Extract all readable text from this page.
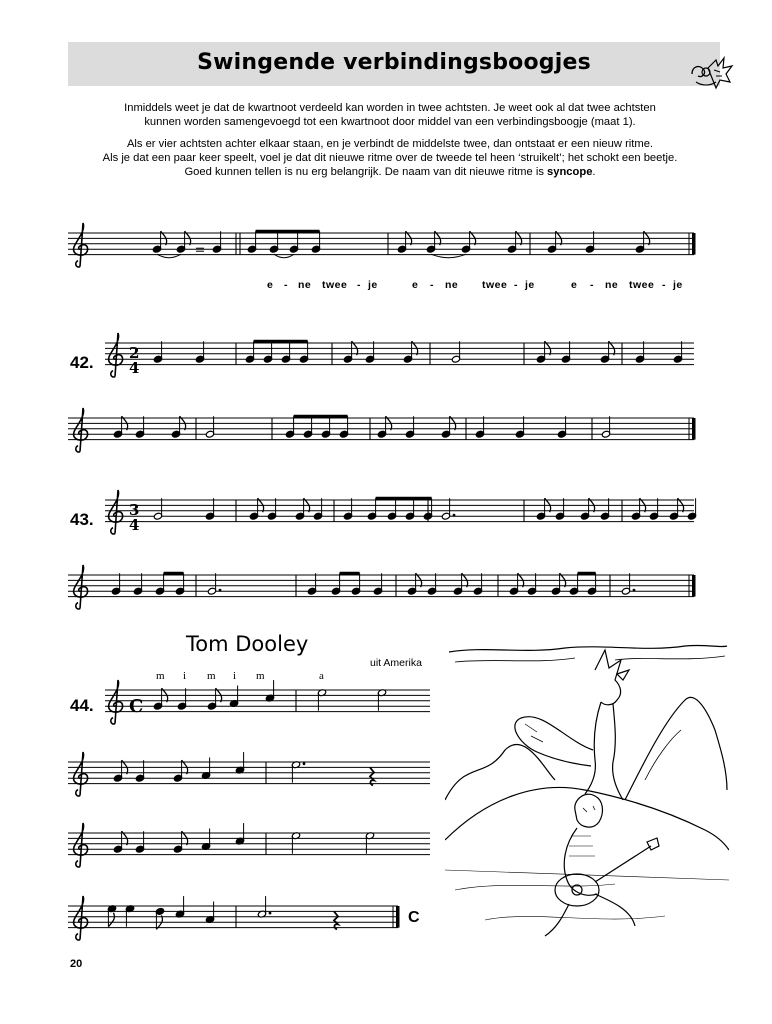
Swingende verbindingsboogjes

Inmiddels weet je dat de kwartnoot verdeeld kan worden in twee achtsten. Je weet ook al dat twee achtsten
kunnen worden samengevoegd tot een kwartnoot door middel van een verbindingsboogje (maat 1).

Als er vier achtsten achter elkaar staan, en je verbindt de middelste twee, dan ontstaat er een nieuw ritme.
Als je dat een paar keer speelt, voel je dat dit nieuwe ritme over de tweede tel heen ‘struikelt’; het schokt een beetje.
Goed kunnen tellen is nu erg belangrijk. De naam van dit nieuwe ritme is syncope.

42.
43.
44.
2
4
3
4
C
e - ne twee - je	e - ne twee - je	e - ne twee - je
m i m i m	a
C
Tom Dooley
uit Amerika
20
